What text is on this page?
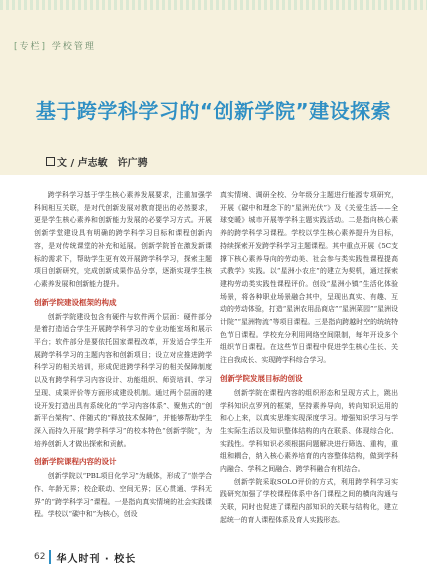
[专栏] 学校管理
基于跨学科学习的“创新学院”建设探索
文 / 卢志敏　许广骋

跨学科学习基于学生核心素养发展要求，注重加强学科间相互关联，是对代创新发展对教育提出的必然要求，更是学生核心素养和创新能力发展的必要学习方式。开展创新学堂建设具有明确的跨学科学习目标和课程创新内容，是对传统课堂的补充和延展。创新学院旨在激发新课标的需求下，帮助学生更有效开展跨学科学习，探索主题项目创新研究，完成创新成果作品分享，逐渐实现学生核心素养发展和创新能力提升。

创新学院建设框架的构成

创新学院建设包含有硬件与软件两个层面：硬件部分是着打造适合学生开展跨学科学习的专业功能室场和展示平台；软件部分是要依托国家课程改革，开发适合学生开展跨学科学习的主题内容和创新项目；设立对应推进跨学科学习的相关培训，形成促进跨学科学习的相关保障制度以及有跨学科学习内容设计、功能组织、师资培训、学习呈现、成果评价等方面形成建设机制。通过两个层面的建设开发打造出具有系统化的“学习内容体系”、聚焦式的“创新平台架构”、伴随式的“释放技术保障”，并能够帮助学生深入而持久开展“跨学科学习”的校本特色“创新学院”，为培养创新人才做出探索和贡献。

创新学院课程内容的设计

创新学院以“PBL项目化学习”为载体，形成了“崇学合作、年龄无界；校企联动、空间无界；区心贯通、学科无界”的“跨学科学习”课程。一是指向真实情境的社会实践课程。学校以“碳中和”为核心，创设

真实情境、调研全校、分年级分主题进行能源专项研究，开展《碳中和理念下的“星洲光伏”》及《关爱生活——全球变暖》城市开展等学科主题实践活动。二是指向核心素养的跨学科学习课程。学校以学生核心素养提升为目标，持续探索开发跨学科学习主题课程。其中重点开展《5C支撑下核心素养导向的劳动美、社会参与类实践性课程提高式教学》实践。以“星洲小农庄”的建立为契机，通过探索建构劳动类实践性课程评价。创设“星洲小镇”生活化体验场景，将各种职业场景融合其中，呈现出真实、有趣、互动的劳动体验，打造“星洲农用品商店”“星洲菜园”“星洲设计院”“星洲物流”等项目课程。三是指向跨越时空的统统特色节日课程。学校充分利用网络空间限制，每年开设多个组织节日课程。在这些节日课程中促进学生核心生长、关注自我成长、实现跨学科综合学习。

创新学院发展目标的创设

创新学院在课程内容的组织形态和呈现方式上，跳出学科知识点罗列的框架，坚持素养导向，转向知识运用的和心上来，以真实思维实现深度学习。增强知识学习与学生实际生活以及知识整体结构的内在联系、体现综合化、实践性。学科知识必须根据问题解决进行筛选、重构，重组和耦合，纳入核心素养培育的内容整体结构，做到学科内融合、学科之间融合、跨学科融合有机结合。

创新学院采取SOLO评价的方式，利用跨学科学习实践研究加强了学校课程体系中各门课程之间的横向沟通与关联，同时也促进了课程内部知识的关联与结构化，建立起统一的育人课程体系及育人实践形态。

62 华人时刊 · 校长
